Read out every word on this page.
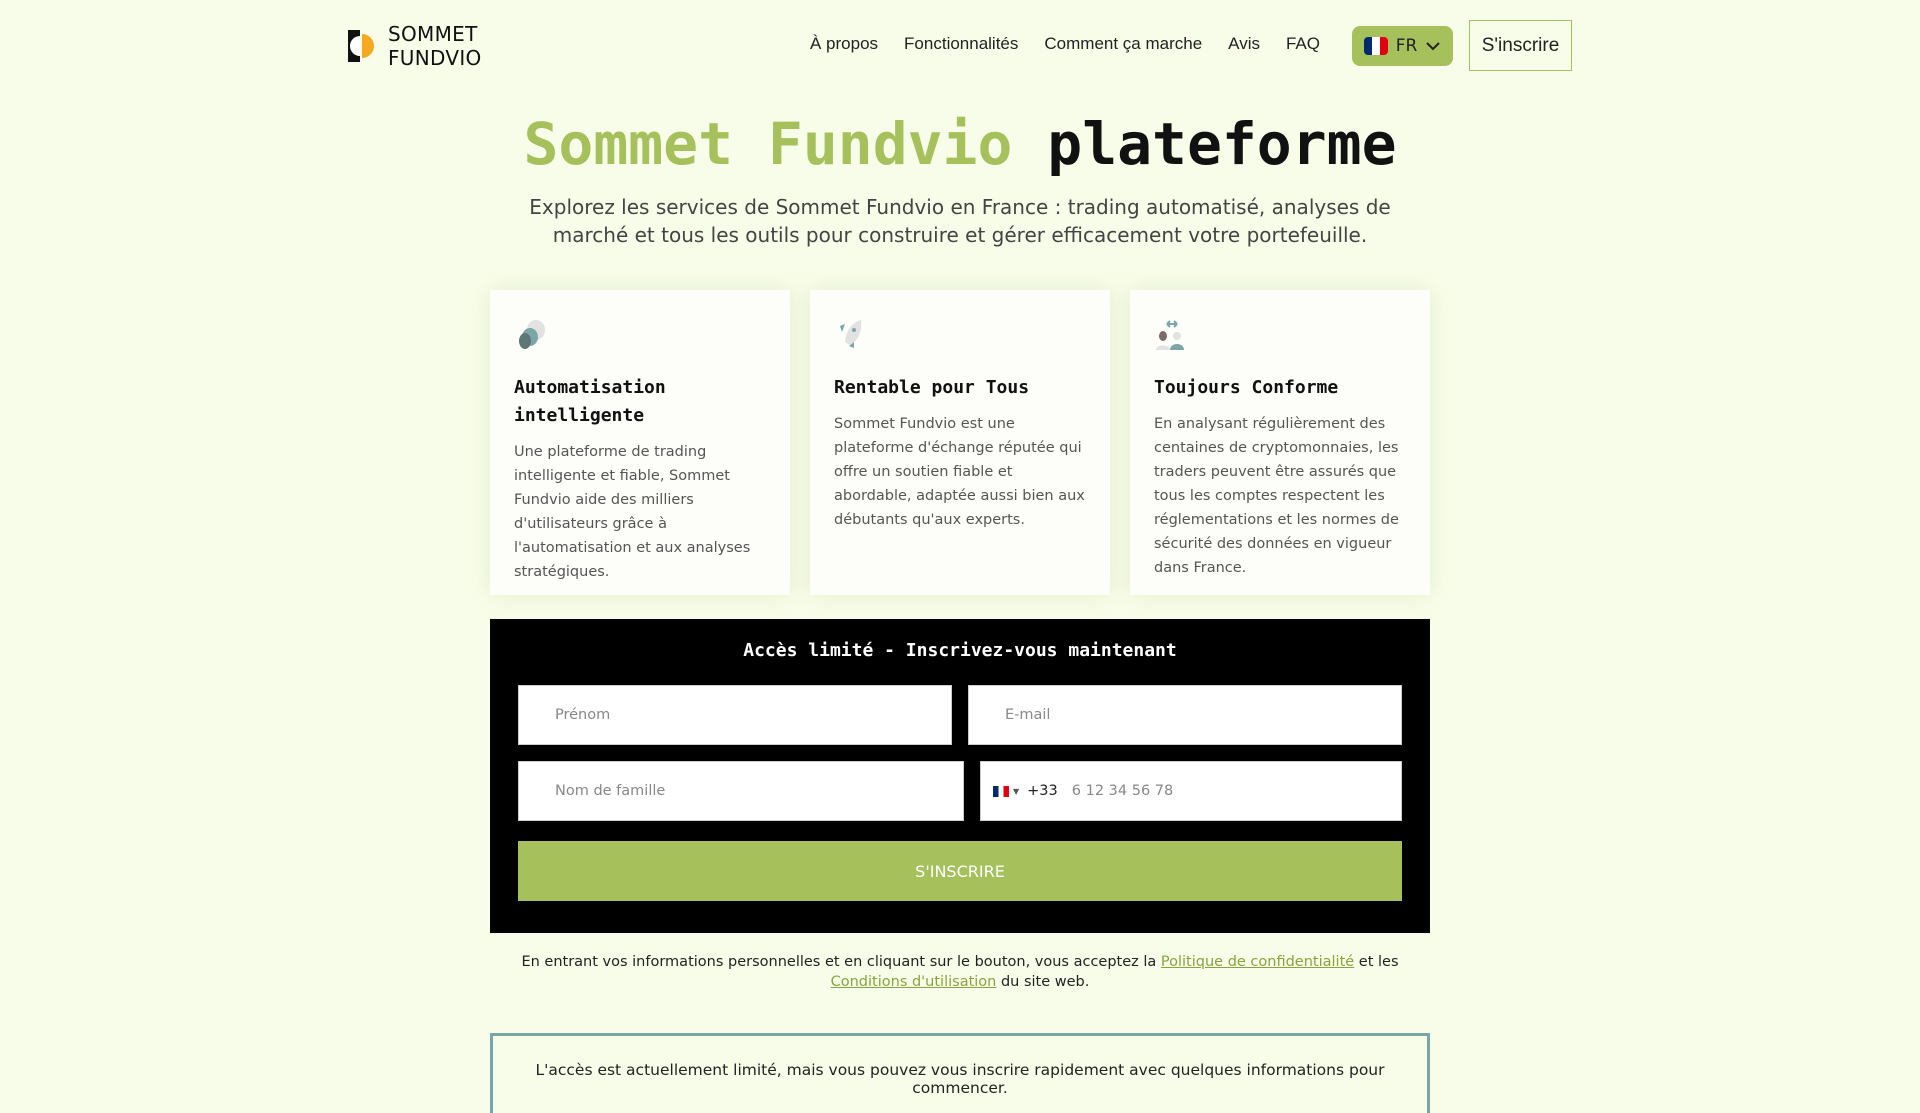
SOMMET
FUNDVIO
À propos Fonctionnalités Comment ça marche Avis FAQ	FR	S'inscrire
Sommet Fundvio plateforme

Explorez les services de Sommet Fundvio en France : trading automatisé, analyses de marché et tous les outils pour construire et gérer efficacement votre portefeuille.

Automatisation intelligente

Une plateforme de trading intelligente et fiable, Sommet Fundvio aide des milliers d'utilisateurs grâce à l'automatisation et aux analyses stratégiques.

Rentable pour Tous

Sommet Fundvio est une plateforme d'échange réputée qui offre un soutien fiable et abordable, adaptée aussi bien aux débutants qu'aux experts.

Toujours Conforme

En analysant régulièrement des centaines de cryptomonnaies, les traders peuvent être assurés que tous les comptes respectent les réglementations et les normes de sécurité des données en vigueur dans France.

Accès limité - Inscrivez-vous maintenant
Prénom
E-mail
Nom de famille
▼ +33
6 12 34 56 78
S'INSCRIRE

En entrant vos informations personnelles et en cliquant sur le bouton, vous acceptez la Politique de confidentialité et les Conditions d'utilisation du site web.

L'accès est actuellement limité, mais vous pouvez vous inscrire rapidement avec quelques informations pour commencer.
